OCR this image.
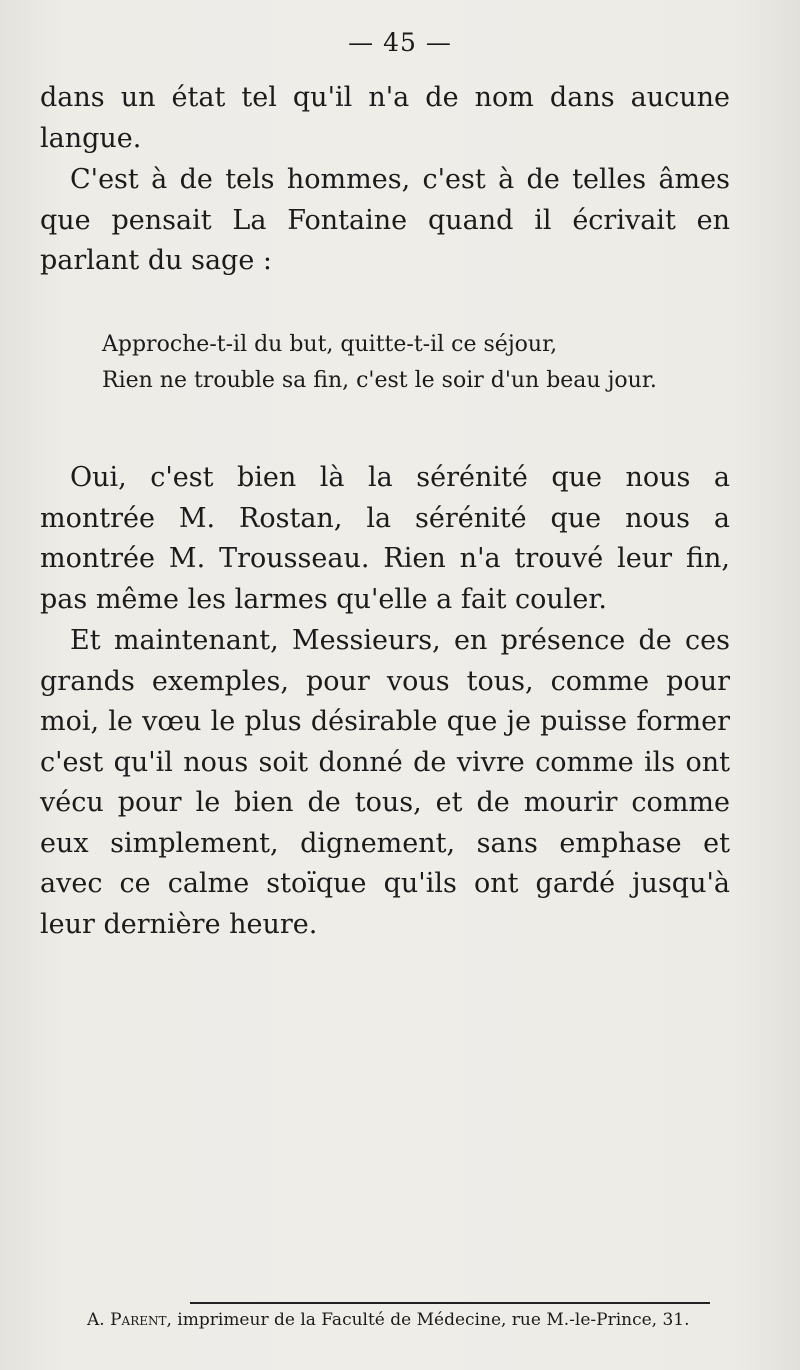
— 45 —

dans un état tel qu'il n'a de nom dans aucune langue.

C'est à de tels hommes, c'est à de telles âmes que pensait La Fontaine quand il écrivait en parlant du sage :

Approche-t-il du but, quitte-t-il ce séjour,
Rien ne trouble sa fin, c'est le soir d'un beau jour.

Oui, c'est bien là la sérénité que nous a montrée M. Rostan, la sérénité que nous a montrée M. Trousseau. Rien n'a trouvé leur fin, pas même les larmes qu'elle a fait couler.

Et maintenant, Messieurs, en présence de ces grands exemples, pour vous tous, comme pour moi, le vœu le plus désirable que je puisse former c'est qu'il nous soit donné de vivre comme ils ont vécu pour le bien de tous, et de mourir comme eux simplement, dignement, sans emphase et avec ce calme stoïque qu'ils ont gardé jusqu'à leur dernière heure.

A. Parent, imprimeur de la Faculté de Médecine, rue M.-le-Prince, 31.
